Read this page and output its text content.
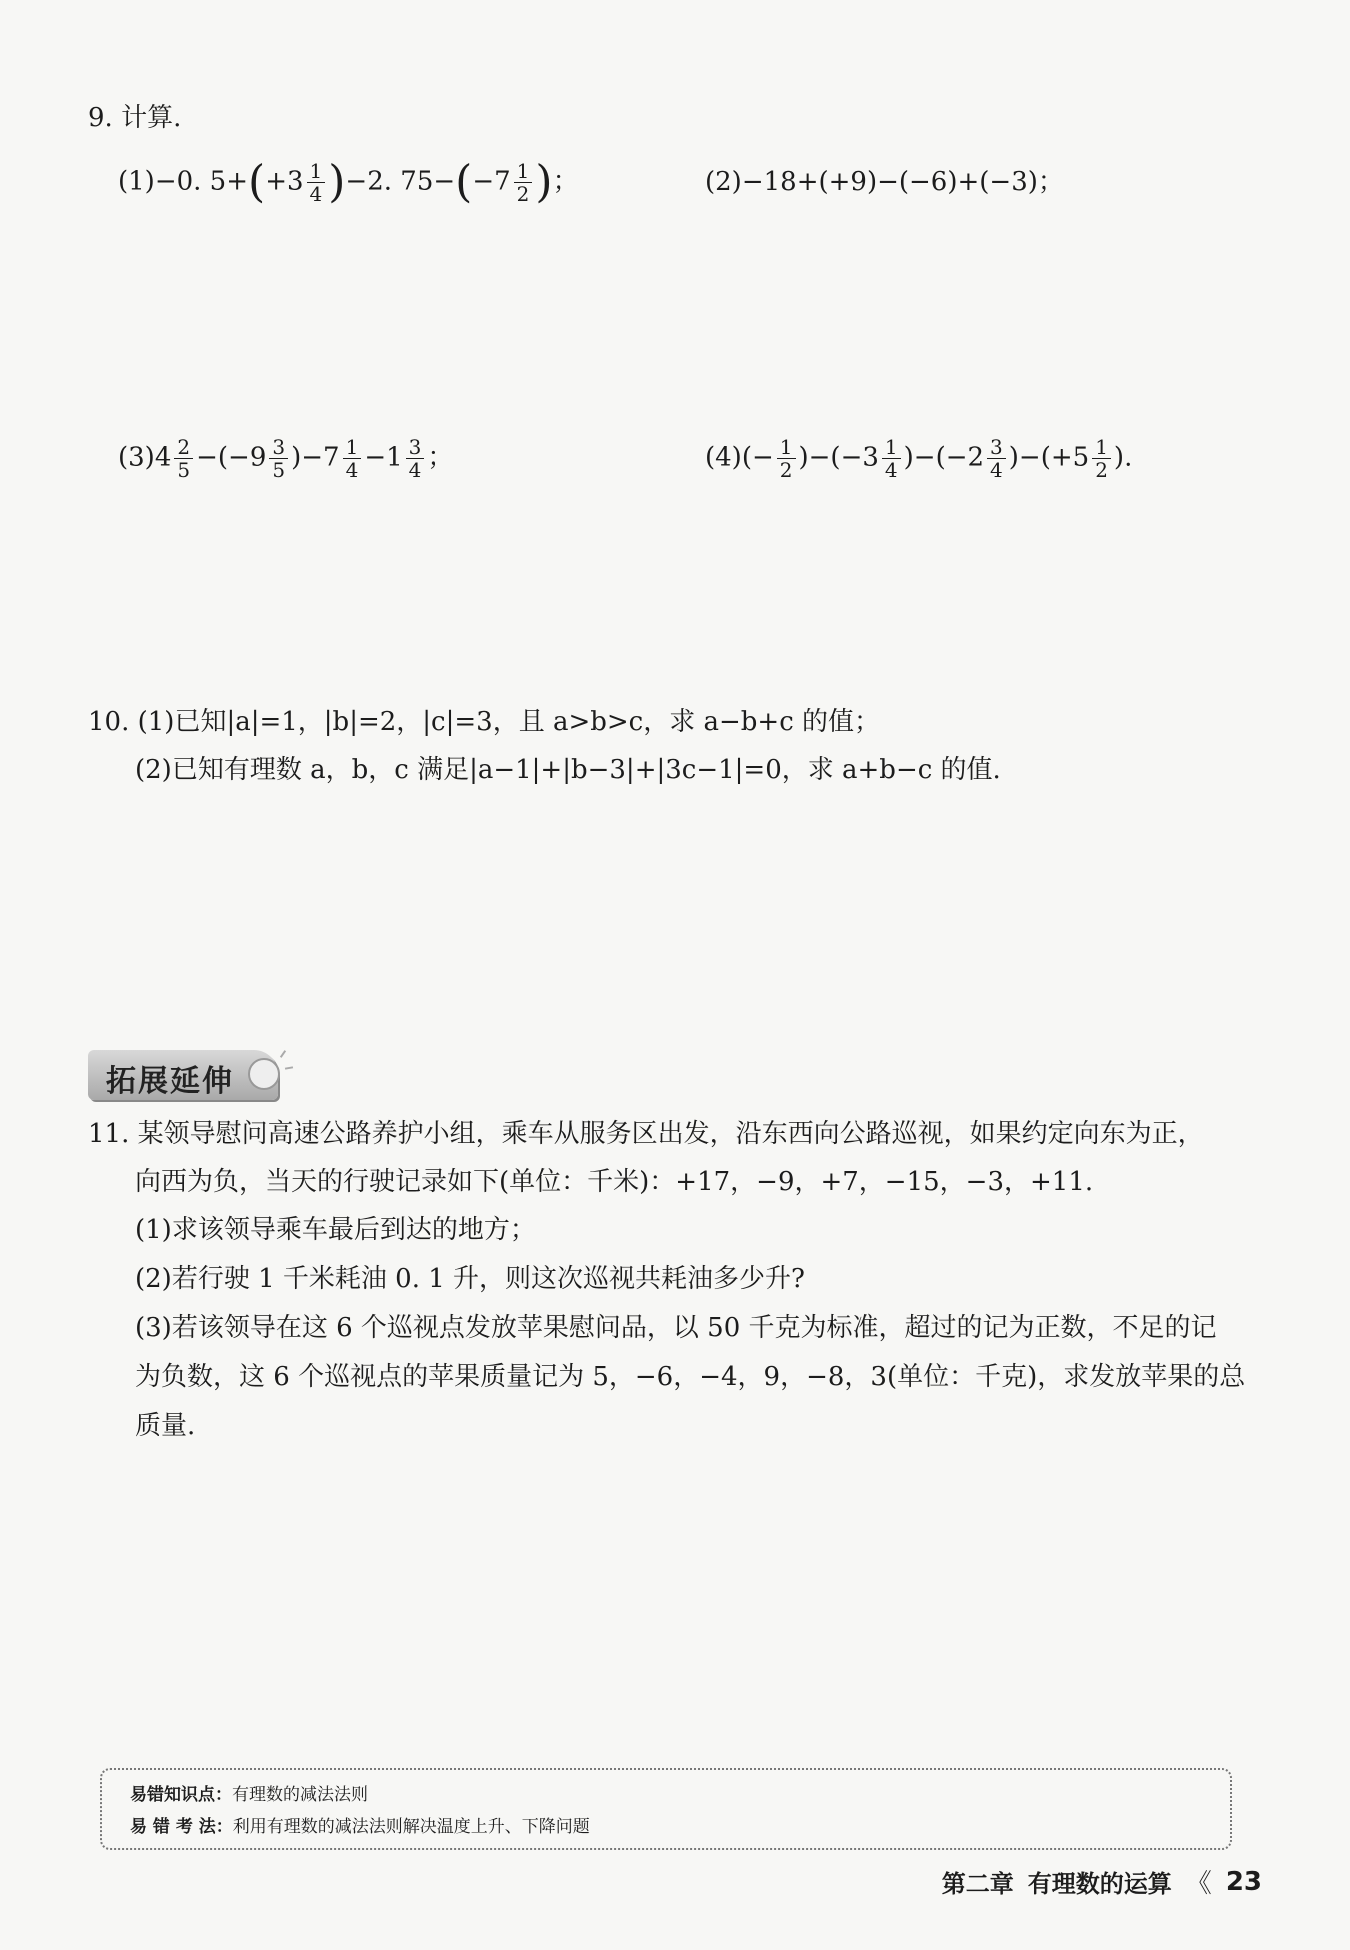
9. 计算.
(1)−0. $5+(+3 \frac{1}{4} )-2$. $75-(-7 \frac{1}{2}$ )；	(2)−18+(+9)−(−6)+(−3)；
$(3)4 \frac{2}{5} -(-9 \frac{3}{5} )-7 \frac{1}{4} -1 \frac{3}{4}$ ；	$(4)(- \frac{1}{2} )-(-3 \frac{1}{4} )-(-2 \frac{3}{4} )-(+5 \frac{1}{2}$ ).
10. (1)已知|a|=1，|b|=2，|c|=3，且 a>b>c，求 a−b+c 的值；
(2)已知有理数 a，b，c 满足|a−1|+|b−3|+|3c−1|=0，求 a+b−c 的值.
拓展延伸
11. 某领导慰问高速公路养护小组，乘车从服务区出发，沿东西向公路巡视，如果约定向东为正，
向西为负，当天的行驶记录如下(单位：千米)：+17，−9，+7，−15，−3，+11.
(1)求该领导乘车最后到达的地方；
(2)若行驶 1 千米耗油 0. 1 升，则这次巡视共耗油多少升?
(3)若该领导在这 6 个巡视点发放苹果慰问品，以 50 千克为标准，超过的记为正数，不足的记
为负数，这 6 个巡视点的苹果质量记为 5，−6，−4，9，−8，3(单位：千克)，求发放苹果的总
质量.
易错知识点：有理数的减法法则
易 错 考 法：利用有理数的减法法则解决温度上升、下降问题
第二章 有理数的运算 《 23
